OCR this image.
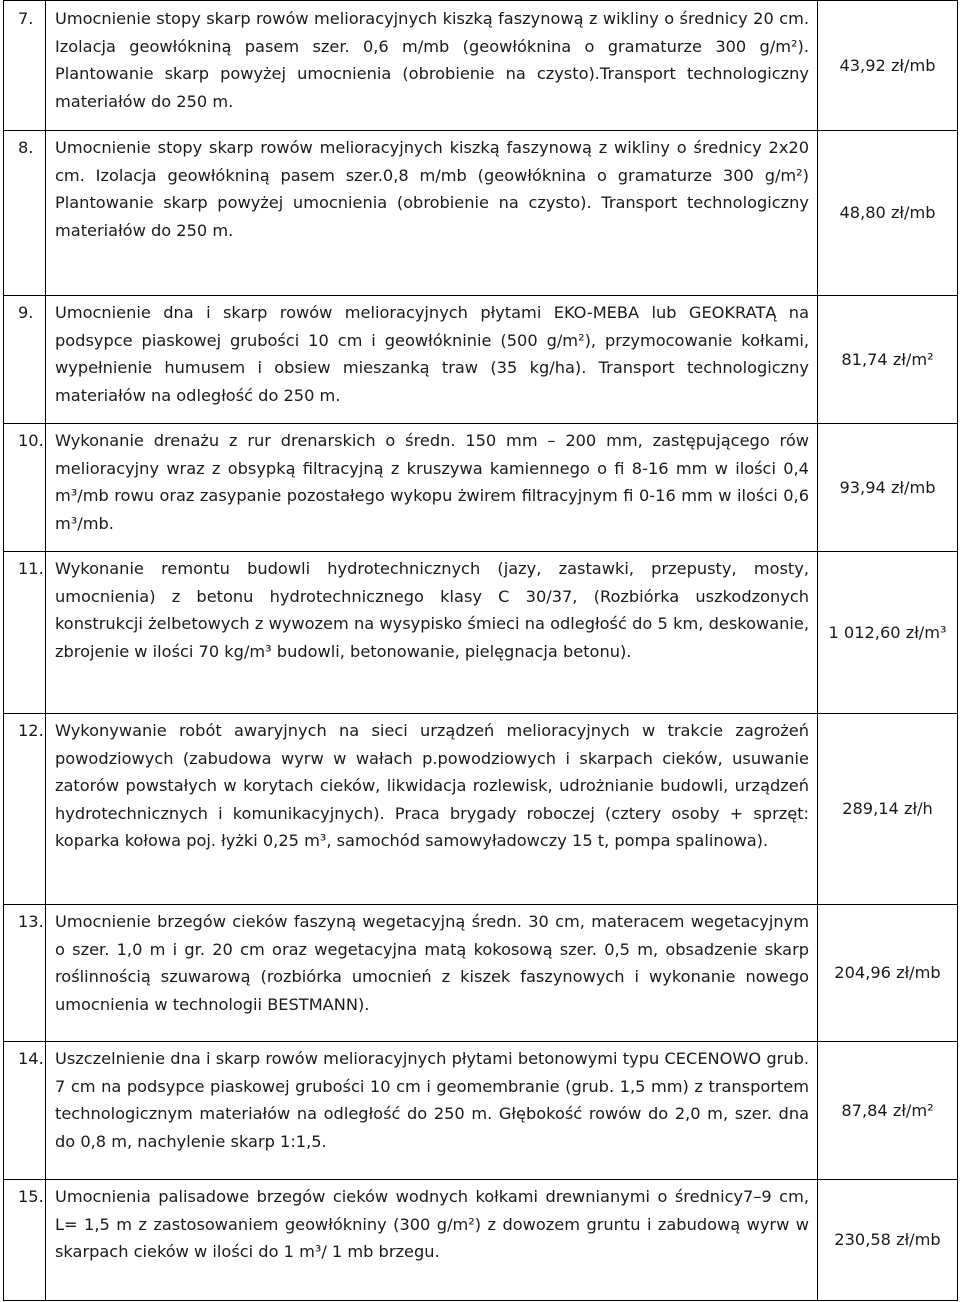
7.	Umocnienie stopy skarp rowów melioracyjnych kiszką faszynową z wikliny o średnicy 20 cm. Izolacja geowłókniną pasem szer. 0,6 m/mb (geowłóknina o gramaturze 300 g/m²). Plantowanie skarp powyżej umocnienia (obrobienie na czysto).Transport technologiczny materiałów do 250 m.	43,92 zł/mb
8.	Umocnienie stopy skarp rowów melioracyjnych kiszką faszynową z wikliny o średnicy 2x20 cm. Izolacja geowłókniną pasem szer.0,8 m/mb (geowłóknina o gramaturze 300 g/m²) Plantowanie skarp powyżej umocnienia (obrobienie na czysto). Transport technologiczny materiałów do 250 m.	48,80 zł/mb
9.	Umocnienie dna i skarp rowów melioracyjnych płytami EKO-MEBA lub GEOKRATĄ na podsypce piaskowej grubości 10 cm i geowłókninie (500 g/m²), przymocowanie kołkami, wypełnienie humusem i obsiew mieszanką traw (35 kg/ha). Transport technologiczny materiałów na odległość do 250 m.	81,74 zł/m²
10.	Wykonanie drenażu z rur drenarskich o średn. 150 mm – 200 mm, zastępującego rów melioracyjny wraz z obsypką filtracyjną z kruszywa kamiennego o fi 8-16 mm w ilości 0,4 m³/mb rowu oraz zasypanie pozostałego wykopu żwirem filtracyjnym fi 0-16 mm w ilości 0,6 m³/mb.	93,94 zł/mb
11.	Wykonanie remontu budowli hydrotechnicznych (jazy, zastawki, przepusty, mosty, umocnienia) z betonu hydrotechnicznego klasy C 30/37, (Rozbiórka uszkodzonych konstrukcji żelbetowych z wywozem na wysypisko śmieci na odległość do 5 km, deskowanie, zbrojenie w ilości 70 kg/m³ budowli, betonowanie, pielęgnacja betonu).	1 012,60 zł/m³
12.	Wykonywanie robót awaryjnych na sieci urządzeń melioracyjnych w trakcie zagrożeń powodziowych (zabudowa wyrw w wałach p.powodziowych i skarpach cieków, usuwanie zatorów powstałych w korytach cieków, likwidacja rozlewisk, udrożnianie budowli, urządzeń hydrotechnicznych i komunikacyjnych). Praca brygady roboczej (cztery osoby + sprzęt: koparka kołowa poj. łyżki 0,25 m³, samochód samowyładowczy 15 t, pompa spalinowa).	289,14 zł/h
13.	Umocnienie brzegów cieków faszyną wegetacyjną średn. 30 cm, materacem wegetacyjnym o szer. 1,0 m i gr. 20 cm oraz wegetacyjna matą kokosową szer. 0,5 m, obsadzenie skarp roślinnością szuwarową (rozbiórka umocnień z kiszek faszynowych i wykonanie nowego umocnienia w technologii BESTMANN).	204,96 zł/mb
14.	Uszczelnienie dna i skarp rowów melioracyjnych płytami betonowymi typu CECENOWO grub. 7 cm na podsypce piaskowej grubości 10 cm i geomembranie (grub. 1,5 mm) z transportem technologicznym materiałów na odległość do 250 m. Głębokość rowów do 2,0 m, szer. dna do 0,8 m, nachylenie skarp 1:1,5.	87,84 zł/m²
15.	Umocnienia palisadowe brzegów cieków wodnych kołkami drewnianymi o średnicy7–9 cm, L= 1,5 m z zastosowaniem geowłókniny (300 g/m²) z dowozem gruntu i zabudową wyrw w skarpach cieków w ilości do 1 m³/ 1 mb brzegu.	230,58 zł/mb
